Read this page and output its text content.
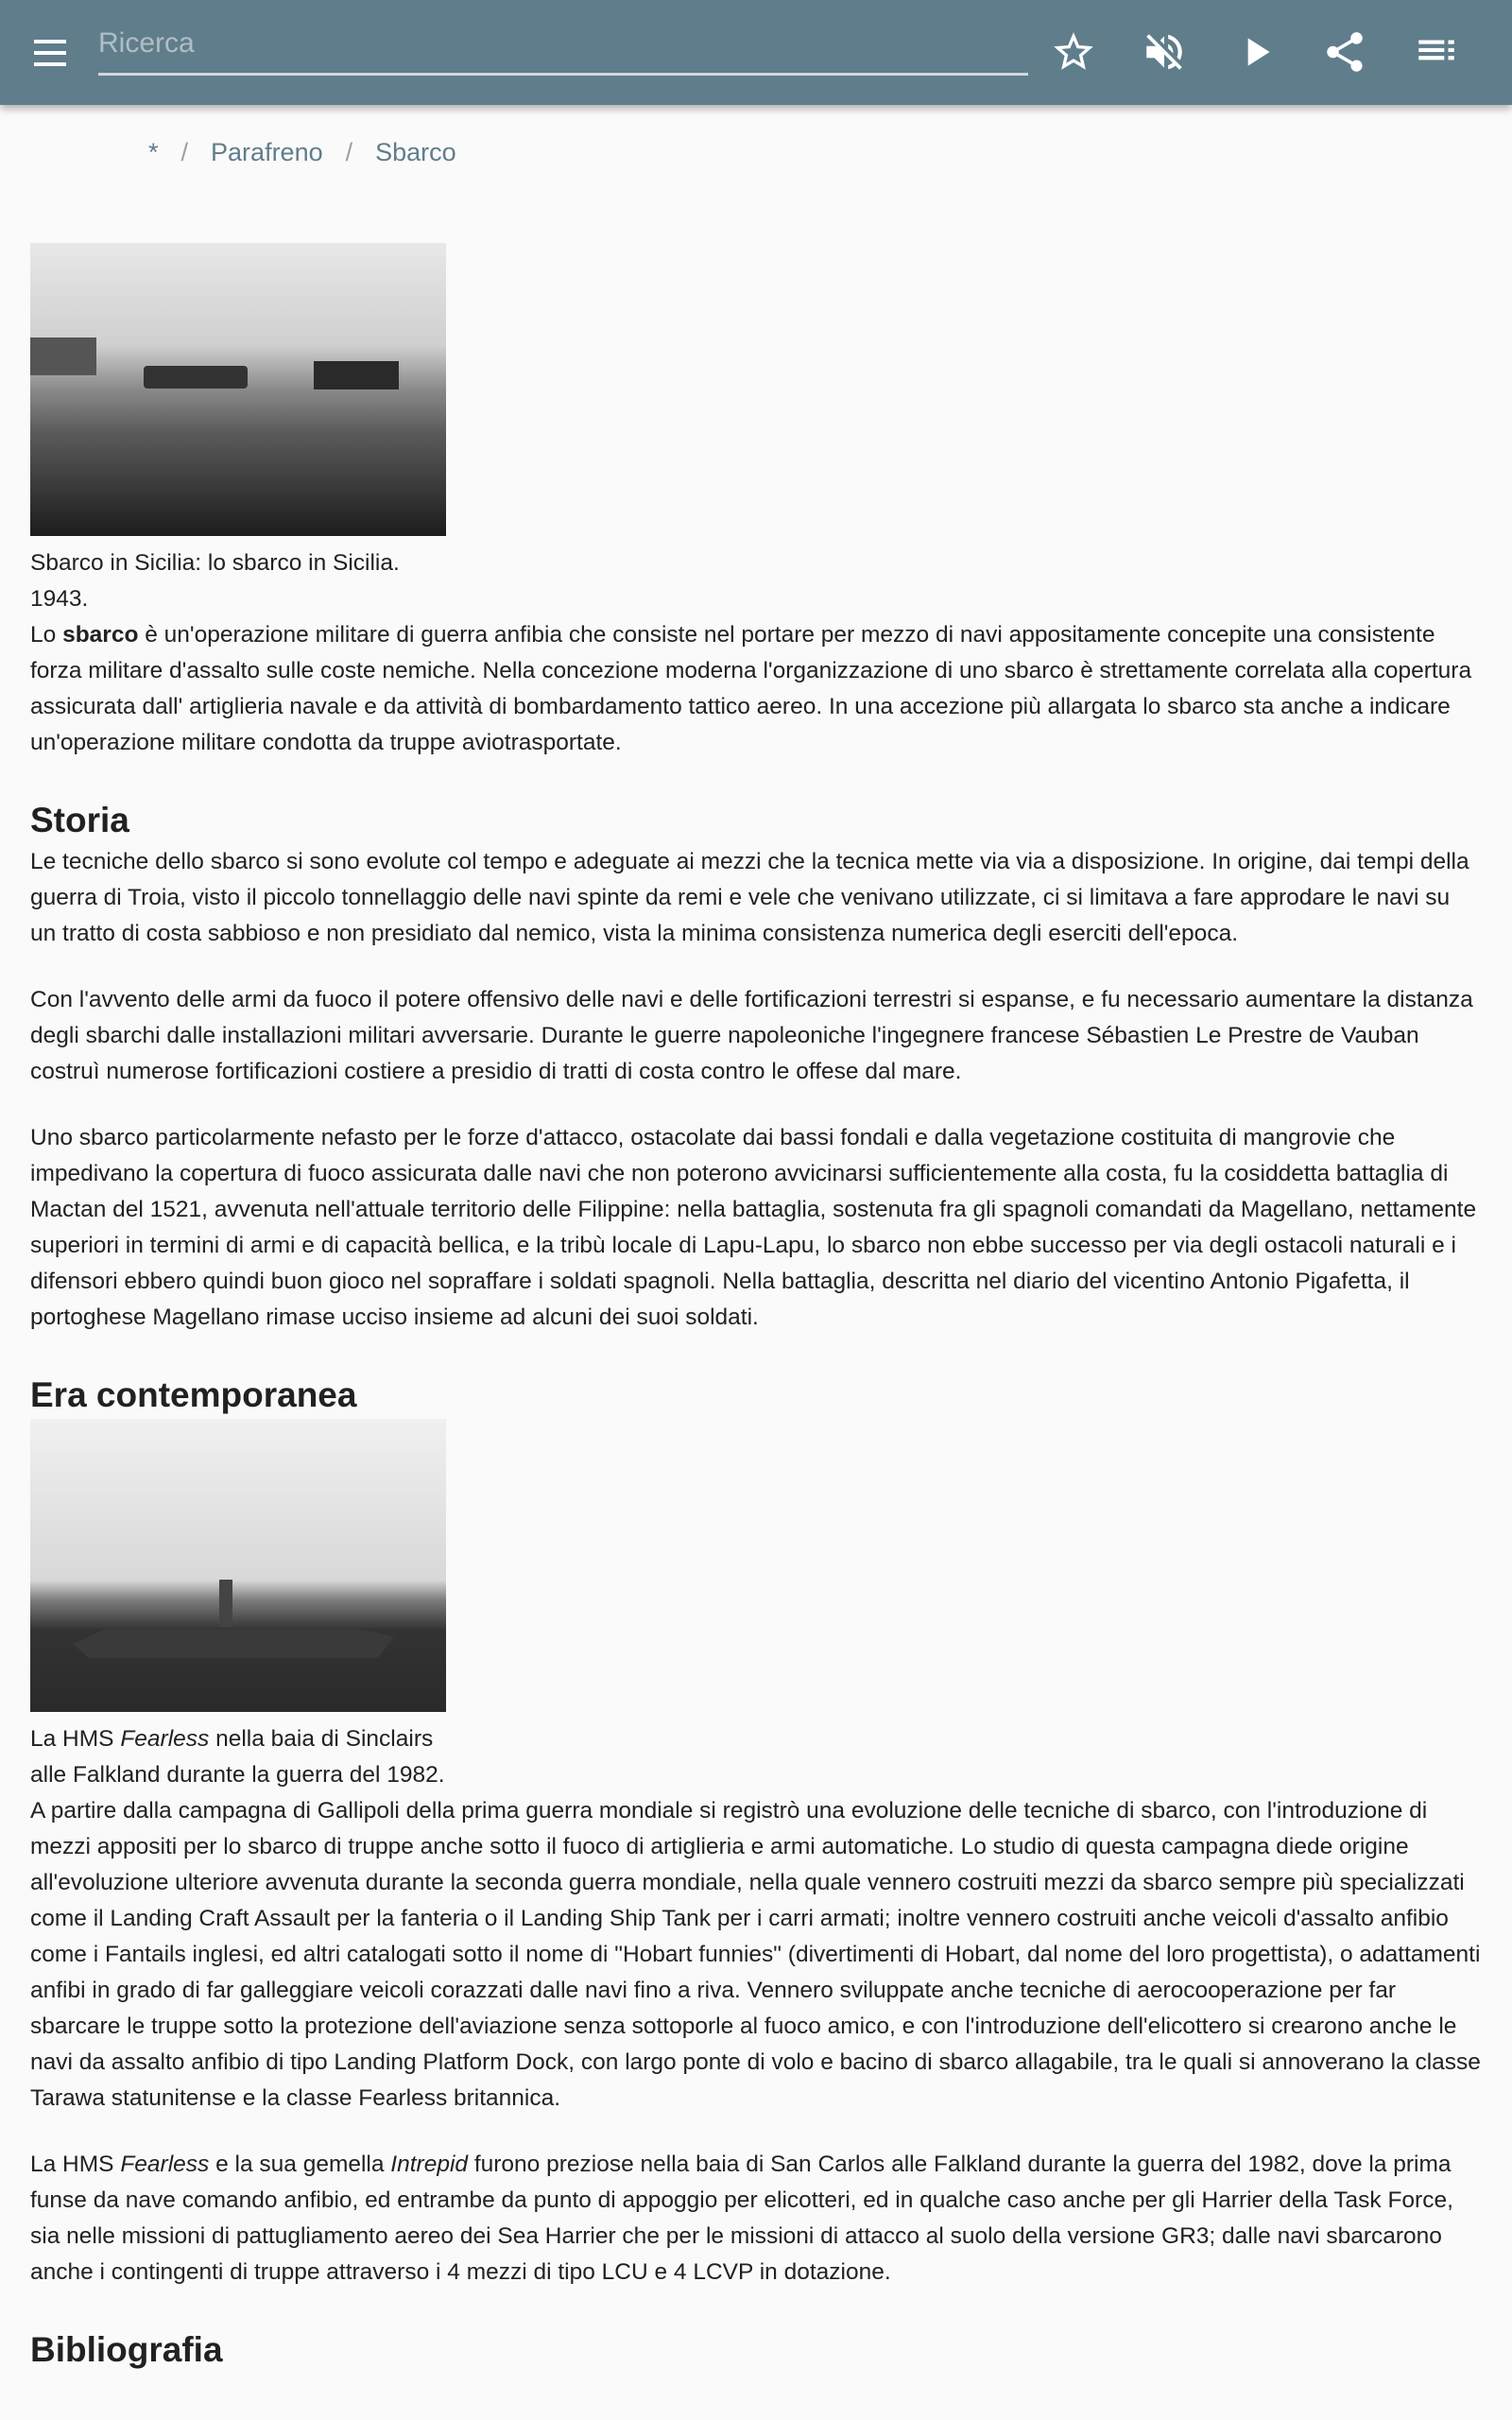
Ricerca
* / Parafreno / Sbarco
Sbarco in Sicilia: lo sbarco in Sicilia.
1943.

Lo sbarco è un'operazione militare di guerra anfibia che consiste nel portare per mezzo di navi appositamente concepite una consistente forza militare d'assalto sulle coste nemiche. Nella concezione moderna l'organizzazione di uno sbarco è strettamente correlata alla copertura assicurata dall' artiglieria navale e da attività di bombardamento tattico aereo. In una accezione più allargata lo sbarco sta anche a indicare un'operazione militare condotta da truppe aviotrasportate.

Storia

Le tecniche dello sbarco si sono evolute col tempo e adeguate ai mezzi che la tecnica mette via via a disposizione. In origine, dai tempi della guerra di Troia, visto il piccolo tonnellaggio delle navi spinte da remi e vele che venivano utilizzate, ci si limitava a fare approdare le navi su un tratto di costa sabbioso e non presidiato dal nemico, vista la minima consistenza numerica degli eserciti dell'epoca.

Con l'avvento delle armi da fuoco il potere offensivo delle navi e delle fortificazioni terrestri si espanse, e fu necessario aumentare la distanza degli sbarchi dalle installazioni militari avversarie. Durante le guerre napoleoniche l'ingegnere francese Sébastien Le Prestre de Vauban costruì numerose fortificazioni costiere a presidio di tratti di costa contro le offese dal mare.

Uno sbarco particolarmente nefasto per le forze d'attacco, ostacolate dai bassi fondali e dalla vegetazione costituita di mangrovie che impedivano la copertura di fuoco assicurata dalle navi che non poterono avvicinarsi sufficientemente alla costa, fu la cosiddetta battaglia di Mactan del 1521, avvenuta nell'attuale territorio delle Filippine: nella battaglia, sostenuta fra gli spagnoli comandati da Magellano, nettamente superiori in termini di armi e di capacità bellica, e la tribù locale di Lapu-Lapu, lo sbarco non ebbe successo per via degli ostacoli naturali e i difensori ebbero quindi buon gioco nel sopraffare i soldati spagnoli. Nella battaglia, descritta nel diario del vicentino Antonio Pigafetta, il portoghese Magellano rimase ucciso insieme ad alcuni dei suoi soldati.

Era contemporanea
La HMS Fearless nella baia di Sinclairs alle Falkland durante la guerra del 1982.

A partire dalla campagna di Gallipoli della prima guerra mondiale si registrò una evoluzione delle tecniche di sbarco, con l'introduzione di mezzi appositi per lo sbarco di truppe anche sotto il fuoco di artiglieria e armi automatiche. Lo studio di questa campagna diede origine all'evoluzione ulteriore avvenuta durante la seconda guerra mondiale, nella quale vennero costruiti mezzi da sbarco sempre più specializzati come il Landing Craft Assault per la fanteria o il Landing Ship Tank per i carri armati; inoltre vennero costruiti anche veicoli d'assalto anfibio come i Fantails inglesi, ed altri catalogati sotto il nome di "Hobart funnies" (divertimenti di Hobart, dal nome del loro progettista), o adattamenti anfibi in grado di far galleggiare veicoli corazzati dalle navi fino a riva. Vennero sviluppate anche tecniche di aerocooperazione per far sbarcare le truppe sotto la protezione dell'aviazione senza sottoporle al fuoco amico, e con l'introduzione dell'elicottero si crearono anche le navi da assalto anfibio di tipo Landing Platform Dock, con largo ponte di volo e bacino di sbarco allagabile, tra le quali si annoverano la classe Tarawa statunitense e la classe Fearless britannica.

La HMS Fearless e la sua gemella Intrepid furono preziose nella baia di San Carlos alle Falkland durante la guerra del 1982, dove la prima funse da nave comando anfibio, ed entrambe da punto di appoggio per elicotteri, ed in qualche caso anche per gli Harrier della Task Force, sia nelle missioni di pattugliamento aereo dei Sea Harrier che per le missioni di attacco al suolo della versione GR3; dalle navi sbarcarono anche i contingenti di truppe attraverso i 4 mezzi di tipo LCU e 4 LCVP in dotazione.

Bibliografia
